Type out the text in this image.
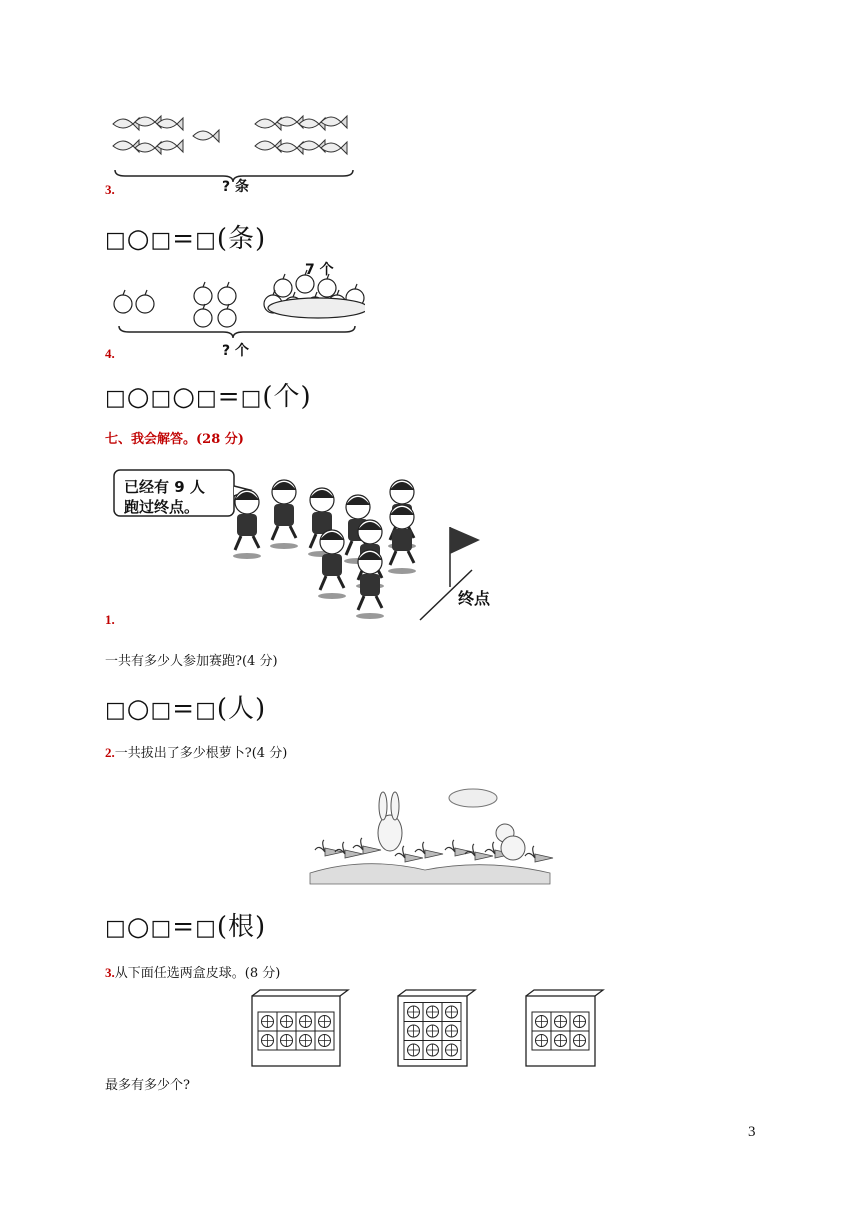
? 条
3.
□○□=□(条)
7 个
? 个
4.
□○□○□=□(个)
七、我会解答。(28 分)
已经有 9 人
跑过终点。
终点
1.
一共有多少人参加赛跑?(4 分)
□○□=□(人)
2.一共拔出了多少根萝卜?(4 分)
□○□=□(根)
3.从下面任选两盒皮球。(8 分)
最多有多少个?
3
